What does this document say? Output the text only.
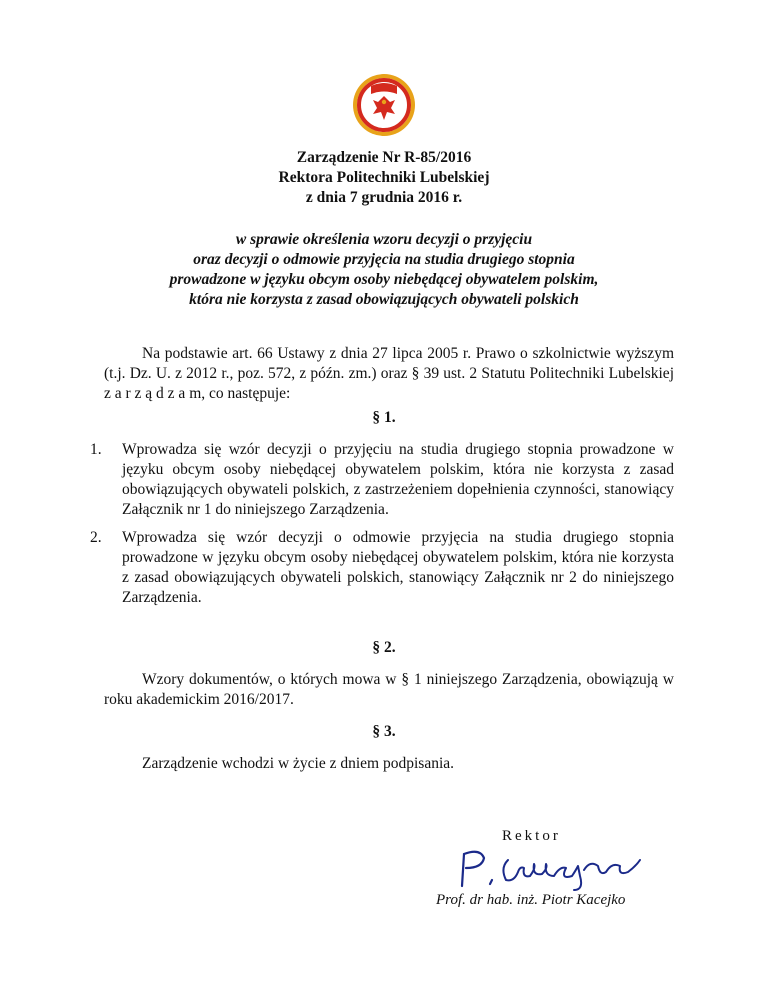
Zarządzenie Nr R-85/2016
Rektora Politechniki Lubelskiej
z dnia 7 grudnia 2016 r.
w sprawie określenia wzoru decyzji o przyjęciu
oraz decyzji o odmowie przyjęcia na studia drugiego stopnia
prowadzone w języku obcym osoby niebędącej obywatelem polskim,
która nie korzysta z zasad obowiązujących obywateli polskich
Na podstawie art. 66 Ustawy z dnia 27 lipca 2005 r. Prawo o szkolnictwie wyższym (t.j. Dz. U. z 2012 r., poz. 572, z późn. zm.) oraz § 39 ust. 2 Statutu Politechniki Lubelskiej z a r z ą d z a m, co następuje:
§ 1.
1. Wprowadza się wzór decyzji o przyjęciu na studia drugiego stopnia prowadzone w języku obcym osoby niebędącej obywatelem polskim, która nie korzysta z zasad obowiązujących obywateli polskich, z zastrzeżeniem dopełnienia czynności, stanowiący Załącznik nr 1 do niniejszego Zarządzenia.
2. Wprowadza się wzór decyzji o odmowie przyjęcia na studia drugiego stopnia prowadzone w języku obcym osoby niebędącej obywatelem polskim, która nie korzysta z zasad obowiązujących obywateli polskich, stanowiący Załącznik nr 2 do niniejszego Zarządzenia.
§ 2.
Wzory dokumentów, o których mowa w § 1 niniejszego Zarządzenia, obowiązują w roku akademickim 2016/2017.
§ 3.
Zarządzenie wchodzi w życie z dniem podpisania.
Rektor
Prof. dr hab. inż. Piotr Kacejko
